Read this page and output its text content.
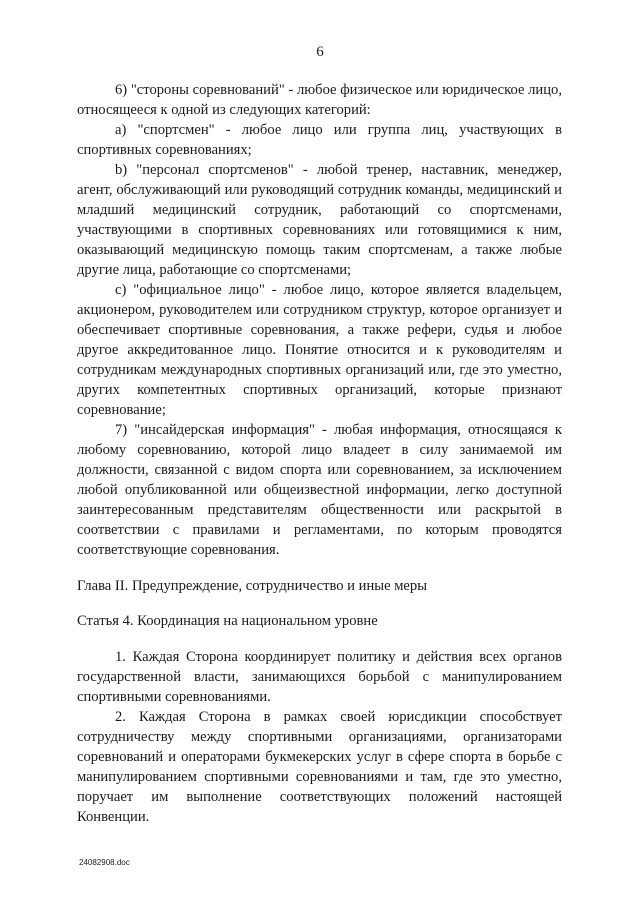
6

6) "стороны соревнований" - любое физическое или юридическое лицо, относящееся к одной из следующих категорий:

a) "спортсмен" - любое лицо или группа лиц, участвующих в спортивных соревнованиях;

b) "персонал спортсменов" - любой тренер, наставник, менеджер, агент, обслуживающий или руководящий сотрудник команды, медицинский и младший медицинский сотрудник, работающий со спортсменами, участвующими в спортивных соревнованиях или готовящимися к ним, оказывающий медицинскую помощь таким спортсменам, а также любые другие лица, работающие со спортсменами;

c) "официальное лицо" - любое лицо, которое является владельцем, акционером, руководителем или сотрудником структур, которое организует и обеспечивает спортивные соревнования, а также рефери, судья и любое другое аккредитованное лицо. Понятие относится и к руководителям и сотрудникам международных спортивных организаций или, где это уместно, других компетентных спортивных организаций, которые признают соревнование;

7) "инсайдерская информация" - любая информация, относящаяся к любому соревнованию, которой лицо владеет в силу занимаемой им должности, связанной с видом спорта или соревнованием, за исключением любой опубликованной или общеизвестной информации, легко доступной заинтересованным представителям общественности или раскрытой в соответствии с правилами и регламентами, по которым проводятся соответствующие соревнования.

Глава II. Предупреждение, сотрудничество и иные меры

Статья 4. Координация на национальном уровне

1. Каждая Сторона координирует политику и действия всех органов государственной власти, занимающихся борьбой с манипулированием спортивными соревнованиями.

2. Каждая Сторона в рамках своей юрисдикции способствует сотрудничеству между спортивными организациями, организаторами соревнований и операторами букмекерских услуг в сфере спорта в борьбе с манипулированием спортивными соревнованиями и там, где это уместно, поручает им выполнение соответствующих положений настоящей Конвенции.

24082908.doc
